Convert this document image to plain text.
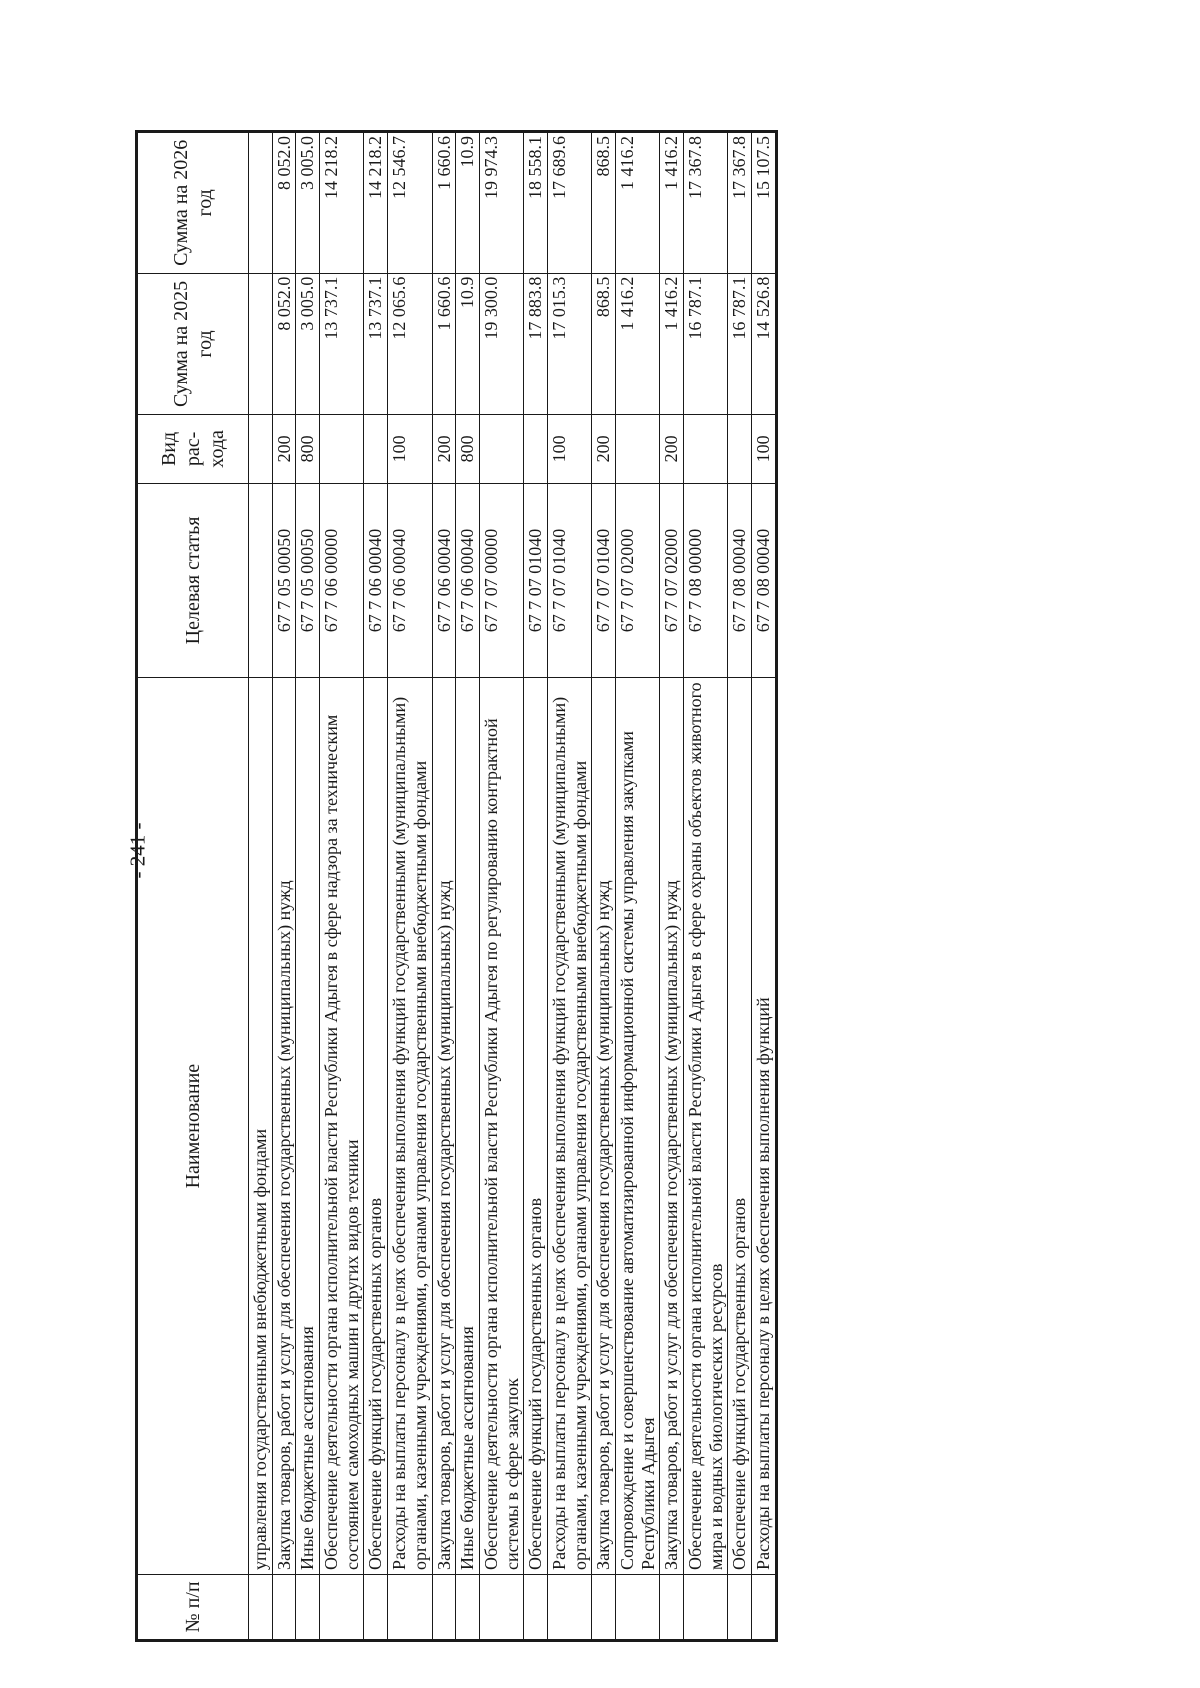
- 241 -
№ п/п	Наименование	Целевая статья	Вид рас- хода	Сумма на 2025 год	Сумма на 2026 год
	управления государственными внебюджетными фондами				
	Закупка товаров, работ и услуг для обеспечения государственных (муниципальных) нужд	67 7 05 00050	200	8 052.0	8 052.0
	Иные бюджетные ассигнования	67 7 05 00050	800	3 005.0	3 005.0
	Обеспечение деятельности органа исполнительной власти Республики Адыгея в сфере надзора за техническим состоянием самоходных машин и других видов техники	67 7 06 00000		13 737.1	14 218.2
	Обеспечение функций государственных органов	67 7 06 00040		13 737.1	14 218.2
	Расходы на выплаты персоналу в целях обеспечения выполнения функций государственными (муниципальными) органами, казенными учреждениями, органами управления государственными внебюджетными фондами	67 7 06 00040	100	12 065.6	12 546.7
	Закупка товаров, работ и услуг для обеспечения государственных (муниципальных) нужд	67 7 06 00040	200	1 660.6	1 660.6
	Иные бюджетные ассигнования	67 7 06 00040	800	10.9	10.9
	Обеспечение деятельности органа исполнительной власти Республики Адыгея по регулированию контрактной системы в сфере закупок	67 7 07 00000		19 300.0	19 974.3
	Обеспечение функций государственных органов	67 7 07 01040		17 883.8	18 558.1
	Расходы на выплаты персоналу в целях обеспечения выполнения функций государственными (муниципальными) органами, казенными учреждениями, органами управления государственными внебюджетными фондами	67 7 07 01040	100	17 015.3	17 689.6
	Закупка товаров, работ и услуг для обеспечения государственных (муниципальных) нужд	67 7 07 01040	200	868.5	868.5
	Сопровождение и совершенствование автоматизированной информационной системы управления закупками Республики Адыгея	67 7 07 02000		1 416.2	1 416.2
	Закупка товаров, работ и услуг для обеспечения государственных (муниципальных) нужд	67 7 07 02000	200	1 416.2	1 416.2
	Обеспечение деятельности органа исполнительной власти Республики Адыгея в сфере охраны объектов животного мира и водных биологических ресурсов	67 7 08 00000		16 787.1	17 367.8
	Обеспечение функций государственных органов	67 7 08 00040		16 787.1	17 367.8
	Расходы на выплаты персоналу в целях обеспечения выполнения функций	67 7 08 00040	100	14 526.8	15 107.5
